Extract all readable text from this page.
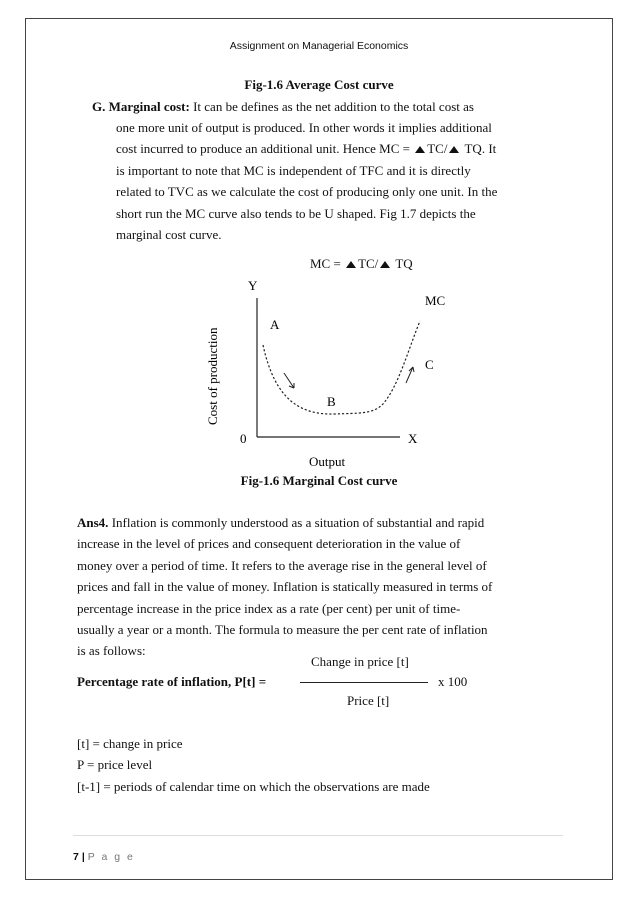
Assignment on Managerial Economics
Fig-1.6 Average Cost curve
G. Marginal cost: It can be defines as the net addition to the total cost as
one more unit of output is produced. In other words it implies additional
cost incurred to produce an additional unit. Hence MC = TC/ TQ. It
is important to note that MC is independent of TFC and it is directly
related to TVC as we calculate the cost of producing only one unit. In the
short run the MC curve also tends to be U shaped. Fig 1.7 depicts the
marginal cost curve.
MC = TC/ TQ
Y
X
0
MC
A
B
C
Cost of production
Output
Fig-1.6 Marginal Cost curve
Ans4. Inflation is commonly understood as a situation of substantial and rapid
increase in the level of prices and consequent deterioration in the value of
money over a period of time. It refers to the average rise in the general level of
prices and fall in the value of money. Inflation is statically measured in terms of
percentage increase in the price index as a rate (per cent) per unit of time-
usually a year or a month. The formula to measure the per cent rate of inflation
is as follows:
Change in price [t]
Percentage rate of inflation, P[t] =	x 100
Price [t]
[t] = change in price
P = price level
[t-1] = periods of calendar time on which the observations are made
7 | P a g e
